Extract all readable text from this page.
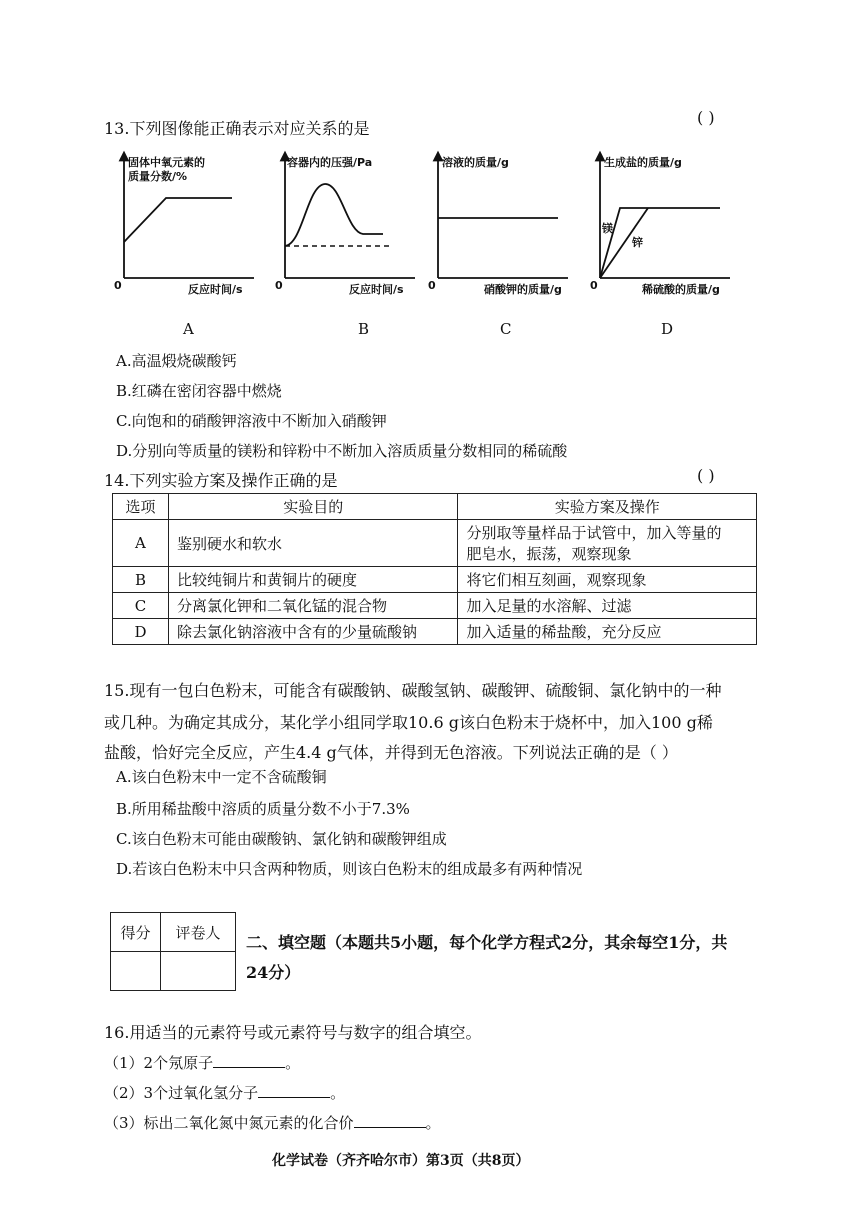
13.下列图像能正确表示对应关系的是
( )
固体中氧元素的
质量分数/%
反应时间/s
0
A
容器内的压强/Pa
反应时间/s
0
B
溶液的质量/g
硝酸钾的质量/g
0
C
生成盐的质量/g
稀硫酸的质量/g
0
镁
锌
D
A.高温煅烧碳酸钙
B.红磷在密闭容器中燃烧
C.向饱和的硝酸钾溶液中不断加入硝酸钾
D.分别向等质量的镁粉和锌粉中不断加入溶质质量分数相同的稀硫酸
14.下列实验方案及操作正确的是	( )
选项	实验目的	实验方案及操作
A	鉴别硬水和软水	分别取等量样品于试管中，加入等量的
肥皂水，振荡，观察现象

B	比较纯铜片和黄铜片的硬度	将它们相互刻画，观察现象
C	分离氯化钾和二氧化锰的混合物	加入足量的水溶解、过滤
D	除去氯化钠溶液中含有的少量硫酸钠	加入适量的稀盐酸，充分反应
15.现有一包白色粉末，可能含有碳酸钠、碳酸氢钠、碳酸钾、硫酸铜、氯化钠中的一种
或几种。为确定其成分，某化学小组同学取10.6 g该白色粉末于烧杯中，加入100 g稀
盐酸，恰好完全反应，产生4.4 g气体，并得到无色溶液。下列说法正确的是（ ）
A.该白色粉末中一定不含硫酸铜
B.所用稀盐酸中溶质的质量分数不小于7.3%
C.该白色粉末可能由碳酸钠、氯化钠和碳酸钾组成
D.若该白色粉末中只含两种物质，则该白色粉末的组成最多有两种情况
得分	评卷人

二、填空题（本题共5小题，每个化学方程式2分，其余每空1分，共
24分）
16.用适当的元素符号或元素符号与数字的组合填空。
（1）2个氖原子	。
（2）3个过氧化氢分子	。
（3）标出二氧化氮中氮元素的化合价	。
化学试卷（齐齐哈尔市）第3页（共8页）
